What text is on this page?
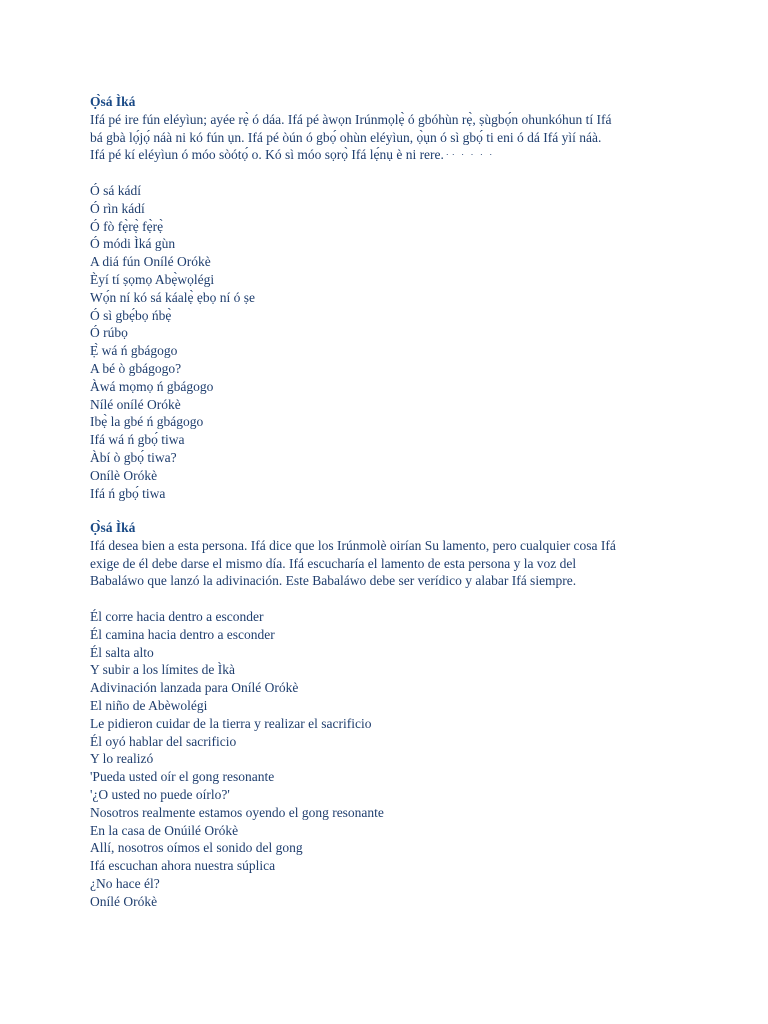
Ọ̀sá Ìká
Ifá pé ire fún eléyìun; ayée rẹ̀ ó dáa. Ifá pé àwọn Irúnmọlẹ̀ ó gbóhùn rẹ̀, ṣùgbọ́n ohunkóhun tí Ifá
bá gbà lọ́jọ́ náà ni kó fún ụn. Ifá pé òún ó gbọ́ ohùn eléyìun, ọ̀ụn ó sì gbọ́ ti eni ó dá Ifá yìí náà.
Ifá pé kí eléyìun ó móo sòótọ́ o. Kó sì móo sọrọ̀ Ifá lẹ́nụ è ni rere. ּ ּ ּ ּ ּ ּ
Ó sá kádí
Ó rìn kádí
Ó fò fẹ̀rẹ̀ fẹ̀rẹ̀
Ó módi Ìká gùn
A diá fún Onílé Orókè
Èyí tí ṣọmọ Abẹ̀wọlégi
Wọ́n ní kó sá káalẹ̀ ẹbọ ní ó ṣe
Ó sì gbẹ́bọ ńbẹ̀
Ó rúbọ
Ẹ̀ wá ń gbágogo
A bé ò gbágogo?
Àwá mọmọ ń gbágogo
Nílé onílé Orókè
Ibẹ̀ la gbé ń gbágogo
Ifá wá ń gbọ́ tiwa
Àbí ò gbọ́ tiwa?
Onílè Orókè
Ifá ń gbọ́ tiwa
Ọ̀sá Ìká
Ifá desea bien a esta persona. Ifá dice que los Irúnmolè oirían Su lamento, pero cualquier cosa Ifá
exige de él debe darse el mismo día. Ifá escucharía el lamento de esta persona y la voz del
Babaláwo que lanzó la adivinación. Este Babaláwo debe ser verídico y alabar Ifá siempre.
Él corre hacia dentro a esconder
Él camina hacia dentro a esconder
Él salta alto
Y subir a los límites de Ìkà
Adivinación lanzada para Onílé Orókè
El niño de Abèwolégi
Le pidieron cuidar de la tierra y realizar el sacrificio
Él oyó hablar del sacrificio
Y lo realizó
'Pueda usted oír el gong resonante
'¿O usted no puede oírlo?'
Nosotros realmente estamos oyendo el gong resonante
En la casa de Onúilé Orókè
Allí, nosotros oímos el sonido del gong
Ifá escuchan ahora nuestra súplica
¿No hace él?
Onílé Orókè
